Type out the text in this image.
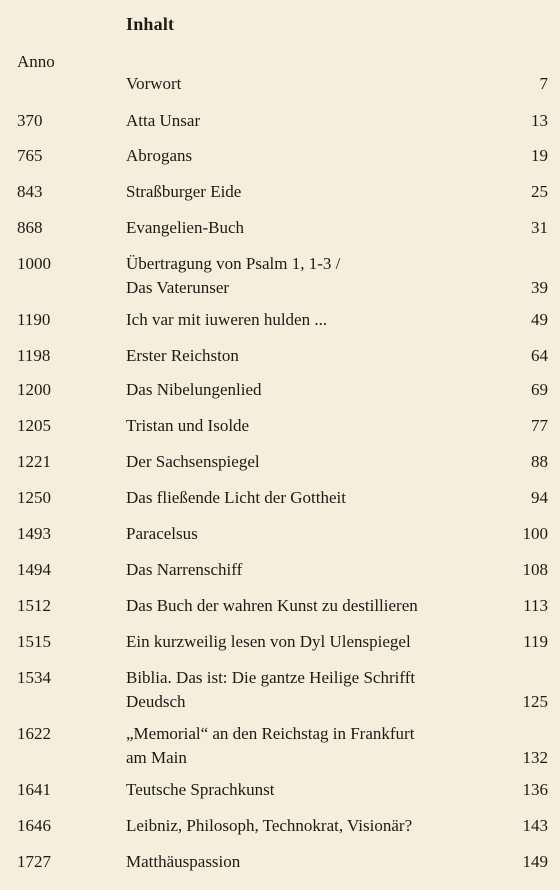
Inhalt
Anno
Vorwort	7
370	Atta Unsar	13
765	Abrogans	19
843	Straßburger Eide	25
868	Evangelien-Buch	31
1000	Übertragung von Psalm 1, 1-3 /
Das Vaterunser	39
1190	Ich var mit iuweren hulden ...	49
1198	Erster Reichston	64
1200	Das Nibelungenlied	69
1205	Tristan und Isolde	77
1221	Der Sachsenspiegel	88
1250	Das fließende Licht der Gottheit	94
1493	Paracelsus	100
1494	Das Narrenschiff	108
1512	Das Buch der wahren Kunst zu destillieren	113
1515	Ein kurzweilig lesen von Dyl Ulenspiegel	119
1534	Biblia. Das ist: Die gantze Heilige Schrifft
Deudsch	125
1622	„Memorial“ an den Reichstag in Frankfurt
am Main	132
1641	Teutsche Sprachkunst	136
1646	Leibniz, Philosoph, Technokrat, Visionär?	143
1727	Matthäuspassion	149
